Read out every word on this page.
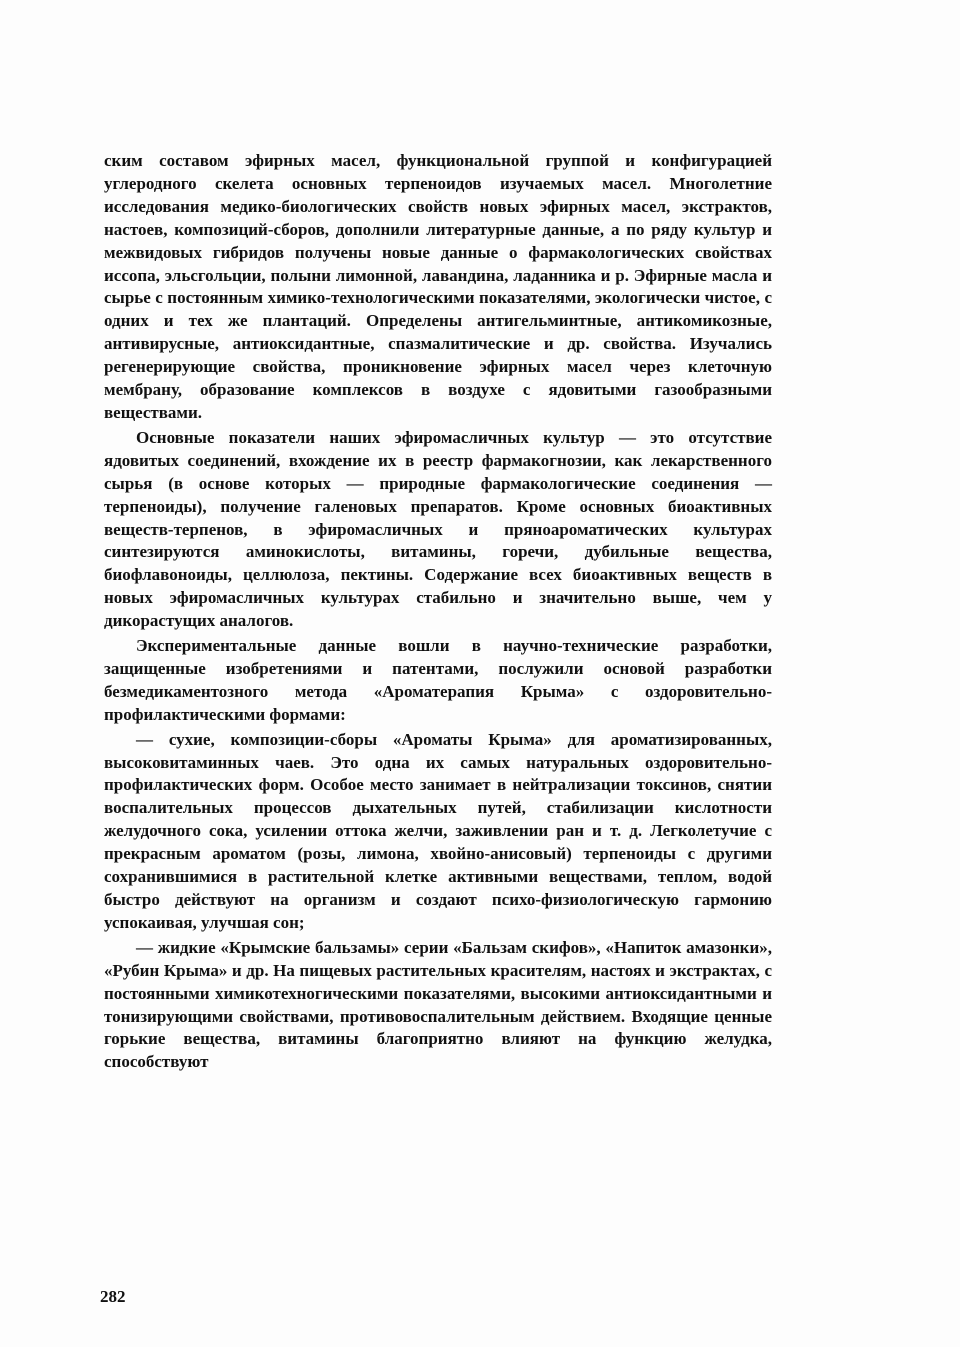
ским составом эфирных масел, функциональной группой и конфигурацией углеродного скелета основных терпеноидов изучаемых масел. Многолетние исследования медико-биологических свойств новых эфирных масел, экстрактов, настоев, композиций-сборов, дополнили литературные данные, а по ряду культур и межвидовых гибридов получены новые данные о фармакологических свойствах иссопа, эльсгольции, полыни лимонной, лавандина, ладанника и р. Эфирные масла и сырье с постоянным химико-технологическими показателями, экологически чистое, с одних и тех же плантаций. Определены антигельминтные, антикомикозные, антивирусные, антиоксидантные, спазмалитические и др. свойства. Изучались регенерирующие свойства, проникновение эфирных масел через клеточную мембрану, образование комплексов в воздухе с ядовитыми газообразными веществами.

Основные показатели наших эфиромасличных культур — это отсутствие ядовитых соединений, вхождение их в реестр фармакогнозии, как лекарственного сырья (в основе которых — природные фармакологические соединения — терпеноиды), получение галеновых препаратов. Кроме основных биоактивных веществ-терпенов, в эфиромасличных и пряноароматических культурах синтезируются аминокислоты, витамины, горечи, дубильные вещества, биофлавоноиды, целлюлоза, пектины. Содержание всех биоактивных веществ в новых эфиромасличных культурах стабильно и значительно выше, чем у дикорастущих аналогов.

Экспериментальные данные вошли в научно-технические разработки, защищенные изобретениями и патентами, послужили основой разработки безмедикаментозного метода «Ароматерапия Крыма» с оздоровительно-профилактическими формами:

— сухие, композиции-сборы «Ароматы Крыма» для ароматизированных, высоковитаминных чаев. Это одна их самых натуральных оздоровительно-профилактических форм. Особое место занимает в нейтрализации токсинов, снятии воспалительных процессов дыхательных путей, стабилизации кислотности желудочного сока, усилении оттока желчи, заживлении ран и т. д. Легколетучие с прекрасным ароматом (розы, лимона, хвойно-анисовый) терпеноиды с другими сохранившимися в растительной клетке активными веществами, теплом, водой быстро действуют на организм и создают психо-физиологическую гармонию успокаивая, улучшая сон;

— жидкие «Крымские бальзамы» серии «Бальзам скифов», «Напиток амазонки», «Рубин Крыма» и др. На пищевых растительных красителям, настоях и экстрактах, с постоянными химикотехногическими показателями, высокими антиоксидантными и тонизирующими свойствами, противовоспалительным действием. Входящие ценные горькие вещества, витамины благоприятно влияют на функцию желудка, способствуют

282
